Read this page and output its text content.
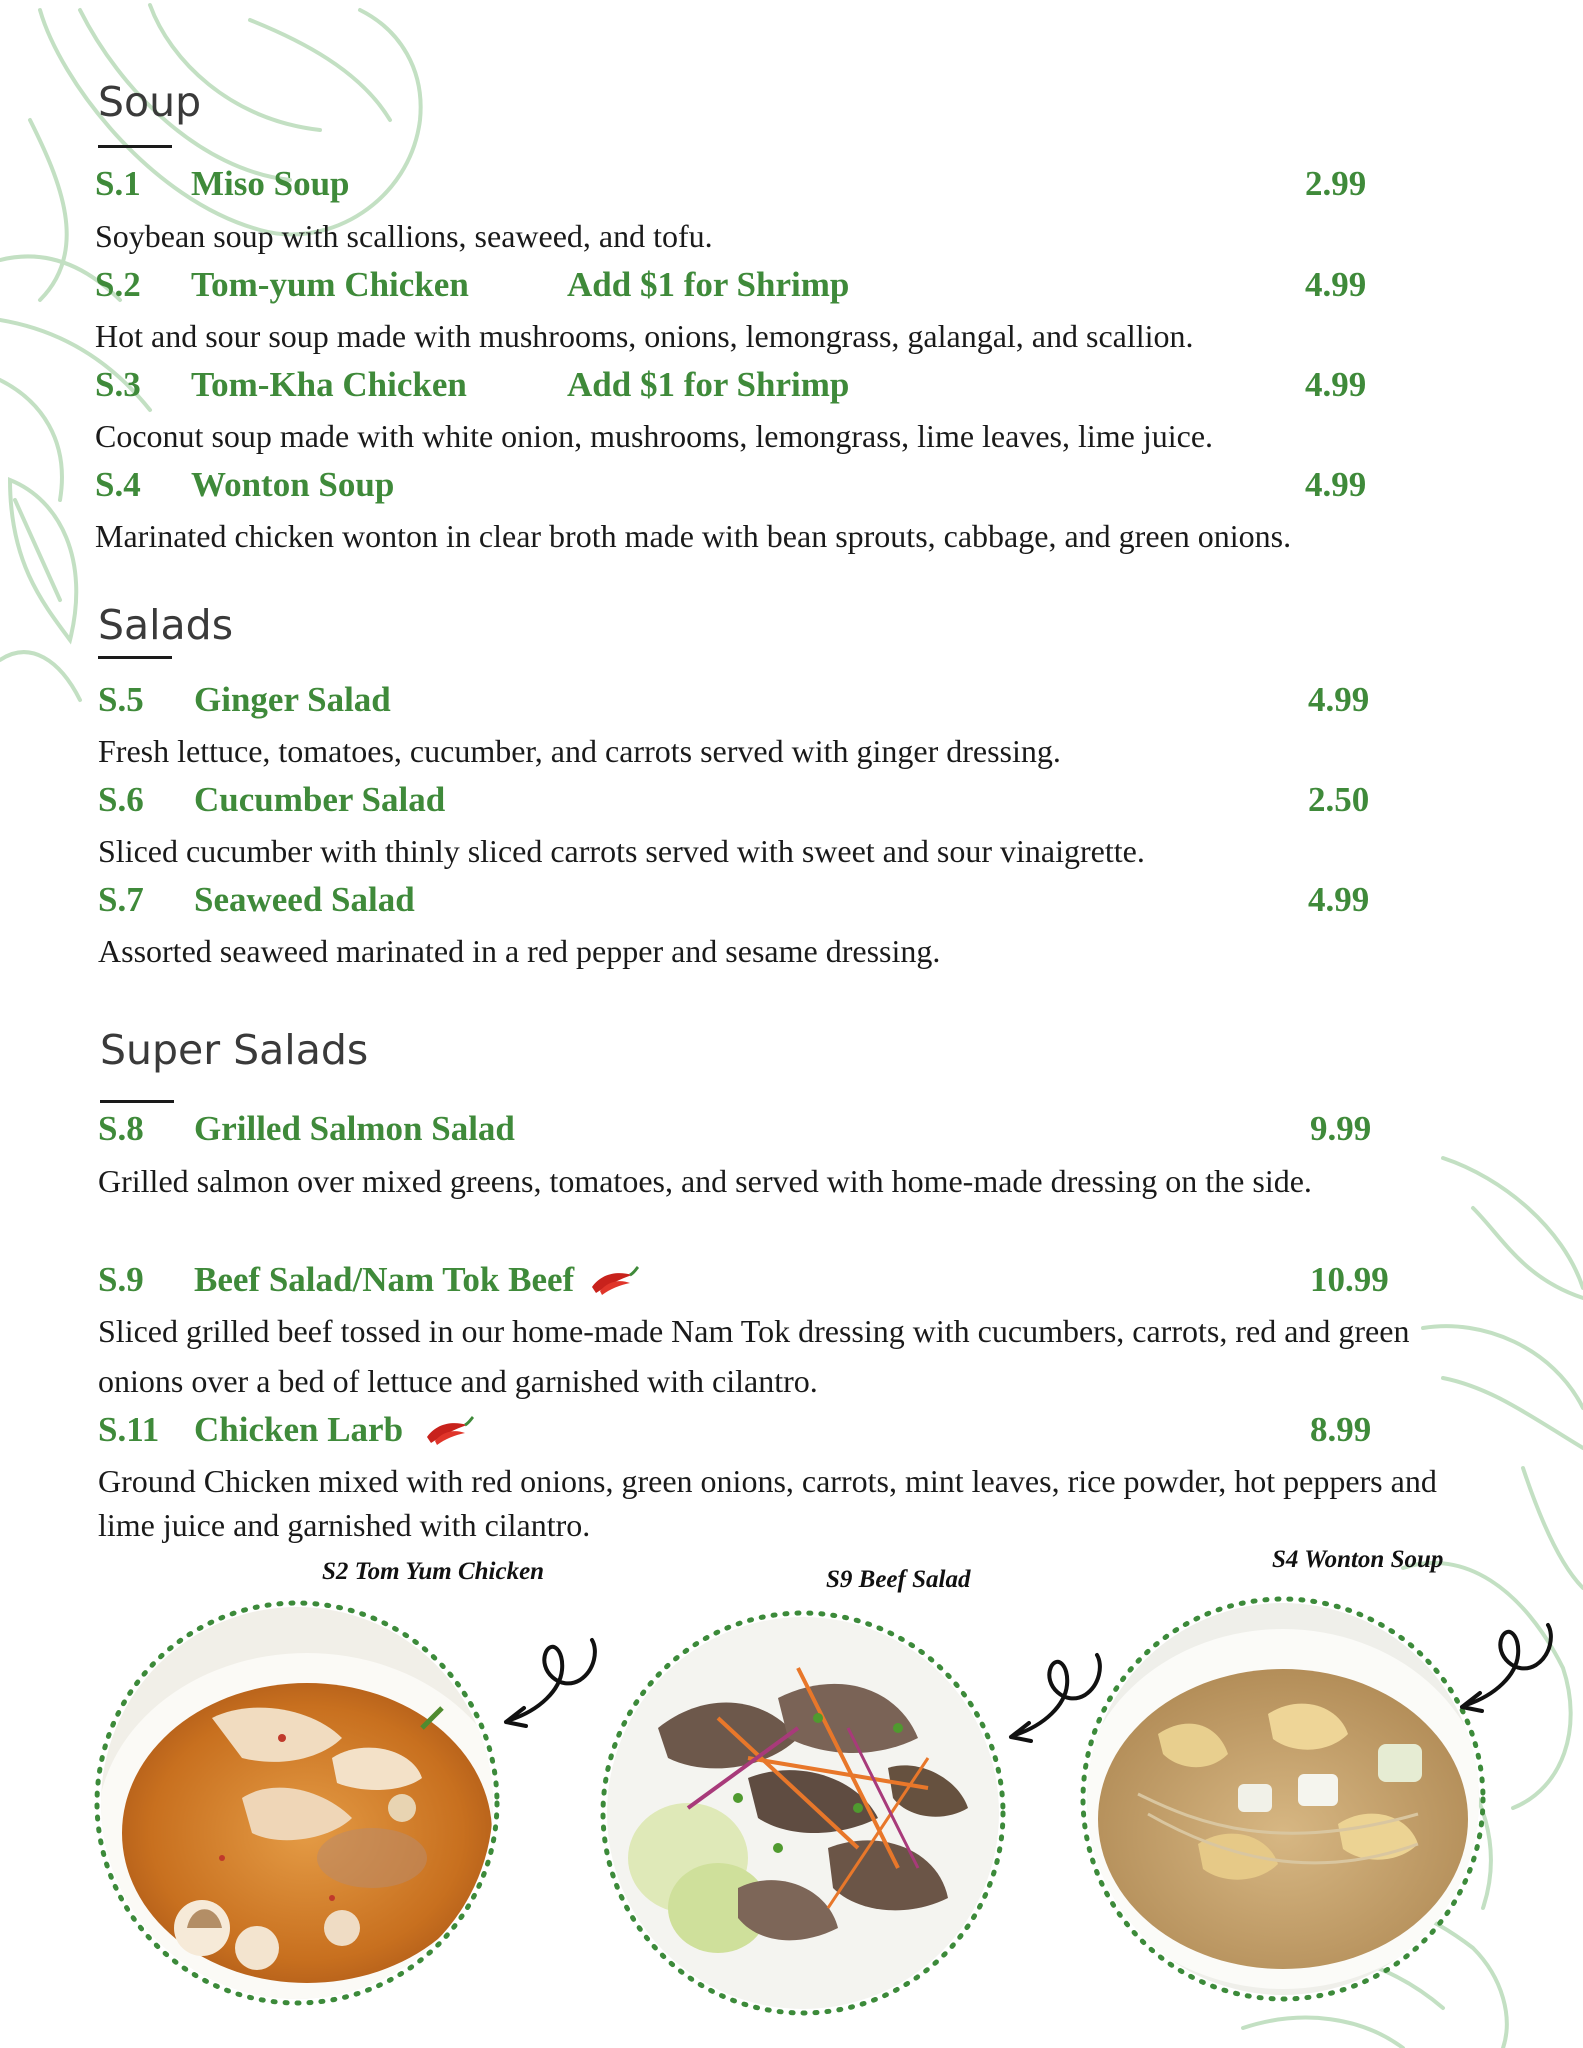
Soup
S.1	Miso Soup	2.99

Soybean soup with scallions, seaweed, and tofu.

S.2	Tom-yum Chicken	Add $1 for Shrimp	4.99

Hot and sour soup made with mushrooms, onions, lemongrass, galangal, and scallion.

S.3	Tom-Kha Chicken	Add $1 for Shrimp	4.99

Coconut soup made with white onion, mushrooms, lemongrass, lime leaves, lime juice.

S.4	Wonton Soup	4.99

Marinated chicken wonton in clear broth made with bean sprouts, cabbage, and green onions.

Salads
S.5	Ginger Salad	4.99

Fresh lettuce, tomatoes, cucumber, and carrots served with ginger dressing.

S.6	Cucumber Salad	2.50

Sliced cucumber with thinly sliced carrots served with sweet and sour vinaigrette.

S.7	Seaweed Salad	4.99

Assorted seaweed marinated in a red pepper and sesame dressing.

Super Salads
S.8	Grilled Salmon Salad	9.99

Grilled salmon over mixed greens, tomatoes, and served with home-made dressing on the side.

S.9	Beef Salad/Nam Tok Beef	10.99

Sliced grilled beef tossed in our home-made Nam Tok dressing with cucumbers, carrots, red and green onions over a bed of lettuce and garnished with cilantro.

S.11 Chicken Larb	8.99

Ground Chicken mixed with red onions, green onions, carrots, mint leaves, rice powder, hot peppers and lime juice and garnished with cilantro.

S2 Tom Yum Chicken	S9 Beef Salad
S4 Wonton Soup
